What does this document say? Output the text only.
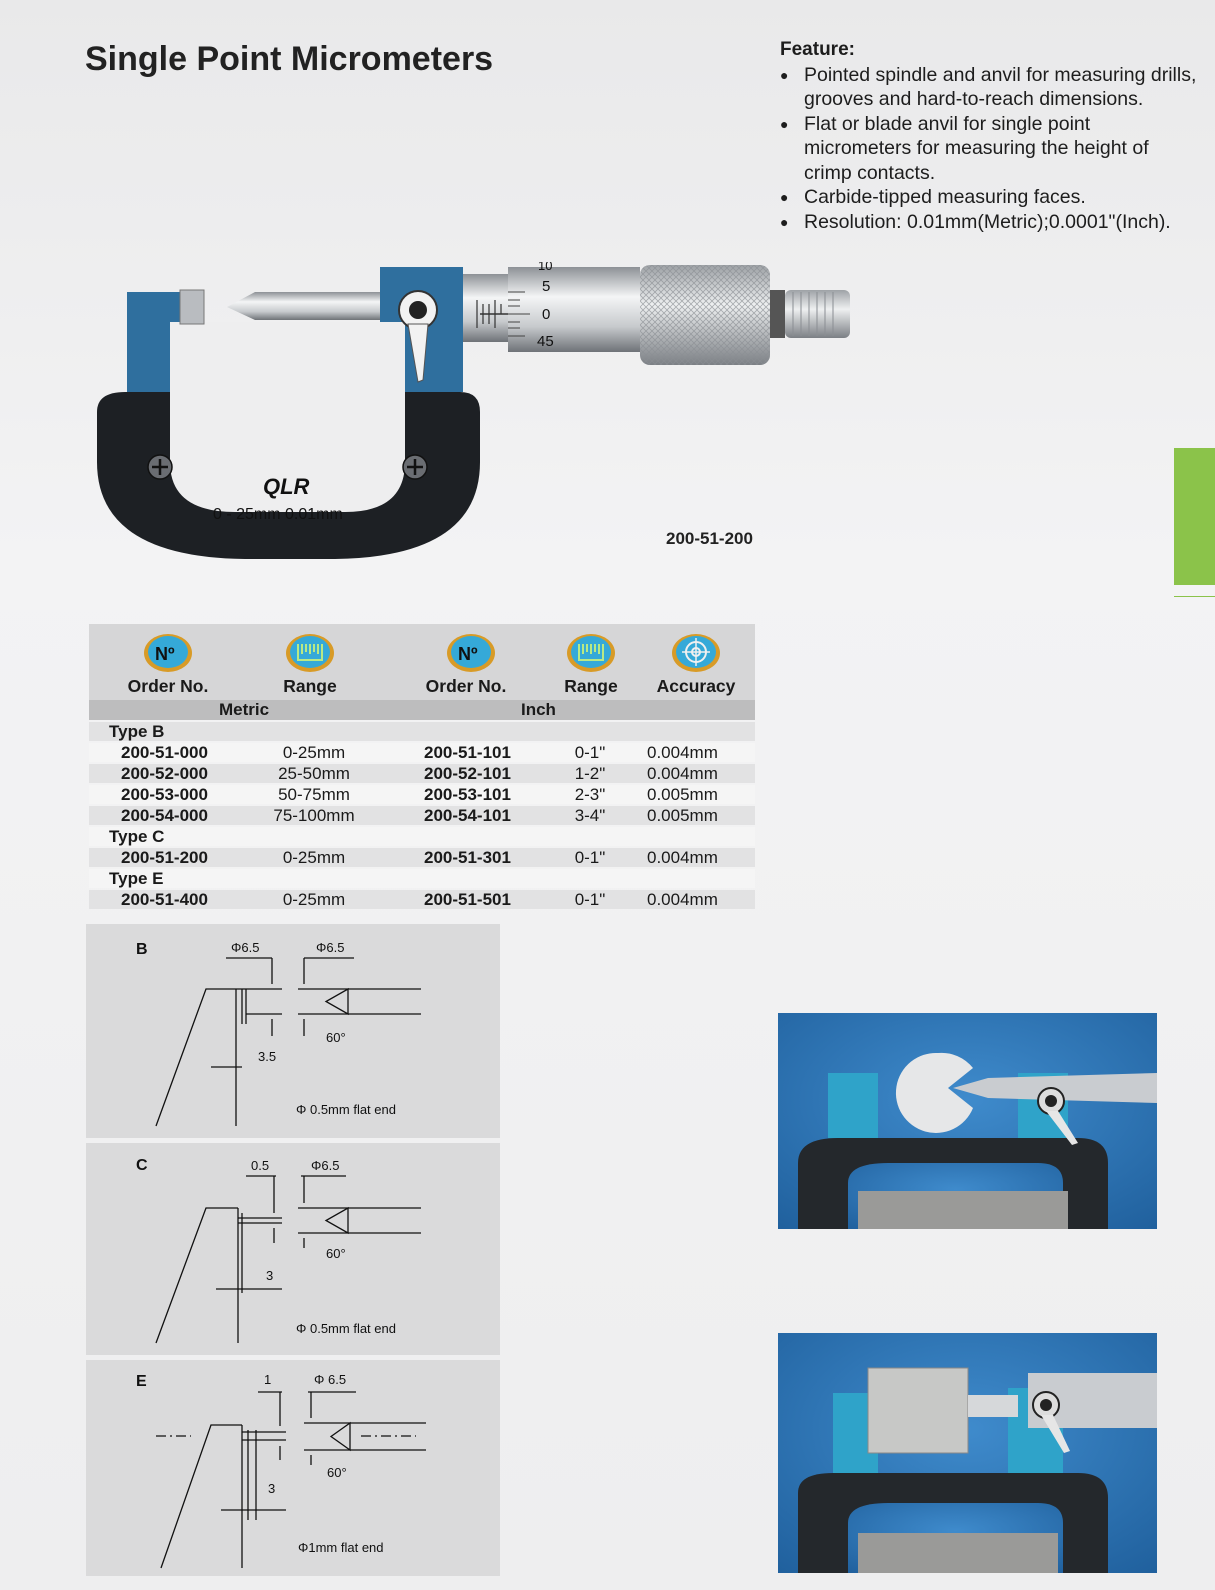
Single Point Micrometers	Feature:
● Pointed spindle and anvil for measuring drills, grooves and hard-to-reach dimensions.
● Flat or blade anvil for single point micrometers for measuring the height of crimp contacts.
● Carbide-tipped measuring faces.
● Resolution: 0.01mm(Metric);0.0001"(Inch).
10
5
0
45
QLR
0 - 25mm 0.01mm
200-51-200
Nº	Nº
Order No.	Range	Order No.	Range	Accuracy
Metric	Inch
Type B
200-51-000	0-25mm	200-51-101	0-1"	0.004mm
200-52-000	25-50mm	200-52-101	1-2"	0.004mm
200-53-000	50-75mm	200-53-101	2-3"	0.005mm
200-54-000	75-100mm	200-54-101	3-4"	0.005mm
Type C
200-51-200	0-25mm	200-51-301	0-1"	0.004mm
Type E
200-51-400	0-25mm	200-51-501	0-1"	0.004mm
B	Φ6.5	Φ6.5
60°
3.5
Φ 0.5mm flat end
C	0.5	Φ6.5
60°
3
Φ 0.5mm flat end
E	1	Φ 6.5
60°
3
Φ1mm flat end
